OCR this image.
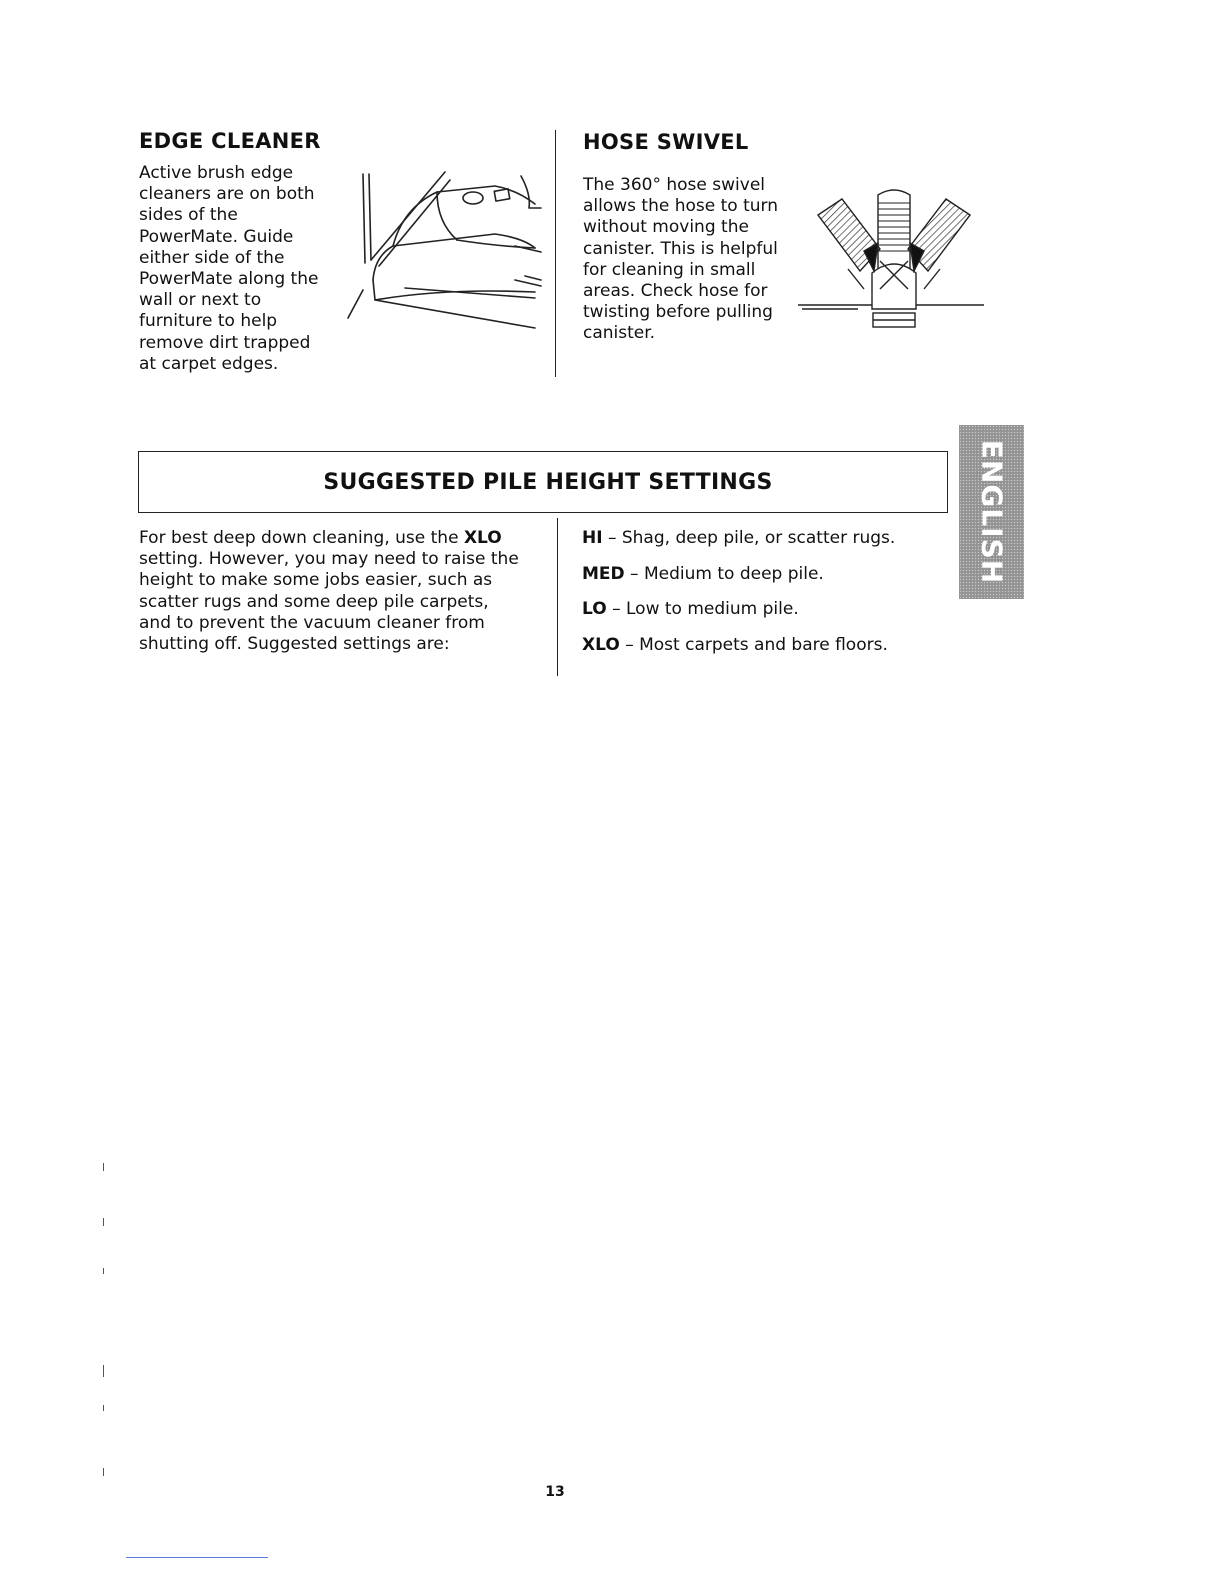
EDGE CLEANER

Active brush edge
cleaners are on both
sides of the
PowerMate. Guide
either side of the
PowerMate along the
wall or next to
furniture to help
remove dirt trapped
at carpet edges.

HOSE SWIVEL

The 360° hose swivel
allows the hose to turn
without moving the
canister. This is helpful
for cleaning in small
areas. Check hose for
twisting before pulling
canister.

SUGGESTED PILE HEIGHT SETTINGS

For best deep down cleaning, use the XLO
setting. However, you may need to raise the
height to make some jobs easier, such as
scatter rugs and some deep pile carpets,
and to prevent the vacuum cleaner from
shutting off. Suggested settings are:

HI – Shag, deep pile, or scatter rugs.
MED – Medium to deep pile.
LO – Low to medium pile.
XLO – Most carpets and bare floors.
ENGLISH
13
